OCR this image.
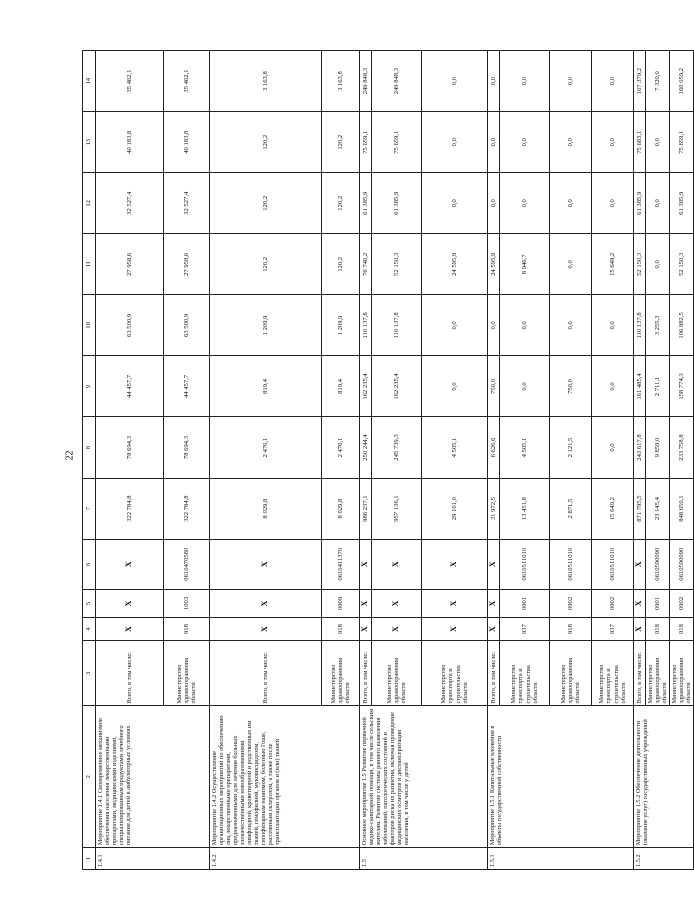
22
1	2	3	4	5	6	7	8	9	10	11	12	13	14
1.4.1	Мероприятие 1.4.1 Своевременное механизмов обеспечения населения лекарственными препаратами, медицинскими изделиями, специализированным продуктами лечебного питания для детей в амбулаторных условиях	Всего, в том числе:	Х	Х	Х	322 784,8	78 694,3	44 457,7	63 500,9	27 958,6	32 527,4	40 183,8	35 462,1
		Министерство здравоохранения области	918	1003	0610470580	322 784,8	78 694,3	44 457,7	63 500,9	27 958,6	32 527,4	40 183,8	35 462,1
1.4.2	Мероприятие 1.4.2 Осуществление организационных мероприятий по обеспечению лиц лекарственными препаратами, предназначенными для лечения больных злокачественными новообразованиями лимфоидной, кроветворной и родственных им тканей, гемофилией, муковисцидозом, гипофизарным нанизмом, болезнью Гоше, рассеянным склерозом, а также после трансплантации органов и (или) тканей	Всего, в том числе:	Х	Х	Х	8 029,8	2 476,1	819,4	1 209,9	120,2	120,2	120,2	3 163,8
		Министерство здравоохранения области	918	0909	0610411370	8 029,8	2 476,1	819,4	1 209,9	120,2	120,2	120,2	3 163,8
1.5	Основное мероприятие 1.5 Развитие первичной медико-санитарной помощи, в том числе сельским жителям. Развитие системы раннего выявления заболеваний, патологических состояний и факторов риска их развития, включая проведение медицинских осмотров и диспансеризации населения, в том числе у детей	Всего, в том числе:	Х	Х	Х	986 237,1	250 244,4	162 235,4	110 137,8	76 746,2	61 385,9	75 659,1	249 848,3
		Министерство здравоохранения области	Х	Х	Х	957 136,1	245 739,3	162 235,4	110 137,8	52 150,3	61 385,9	75 659,1	249 848,3
		Министерство транспорта и строительства области	Х	Х	Х	29 101,0	4 505,1	0,0	0,0	24 595,9	0,0	0,0	0,0
1.5.1	Мероприятие 1.5.1 Капитальные вложения в объекты государственной собственности	Всего, в том числе:	Х	Х	Х	31 972,5	6 626,6	750,0	0,0	24 595,9	0,0	0,0	0,0
		Министерство транспорта и строительства области	937	0901	0610511010	13 451,8	4 505,1	0,0	0,0	8 946,7	0,0	0,0	0,0
		Министерство здравоохранения области	918	0902	0610511010	2 871,5	2 121,5	750,0	0,0	0,0	0,0	0,0	0,0
		Министерство транспорта и строительства области	937	0902	0610511010	15 649,2	0,0	0,0	0,0	15 649,2	0,0	0,0	0,0
1.5.2	Мероприятие 1.5.2 Обеспечение деятельности (оказание услуг) государственных учреждений	Всего, в том числе:	Х	Х	Х	871 795,5	243 617,8	161 485,4	110 137,8	52 150,3	61 385,9	75 683,1	167 379,2
		Министерство здравоохранения области	918	0901	0610590090	23 145,4	9 859,0	2 711,1	3 255,3	0,0	0,0	0,0	7 320,0
		Министерство здравоохранения области	918	0902	0610590090	848 650,1	233 758,8	158 774,3	106 882,5	52 150,3	61 385,9	75 659,1	160 059,2
